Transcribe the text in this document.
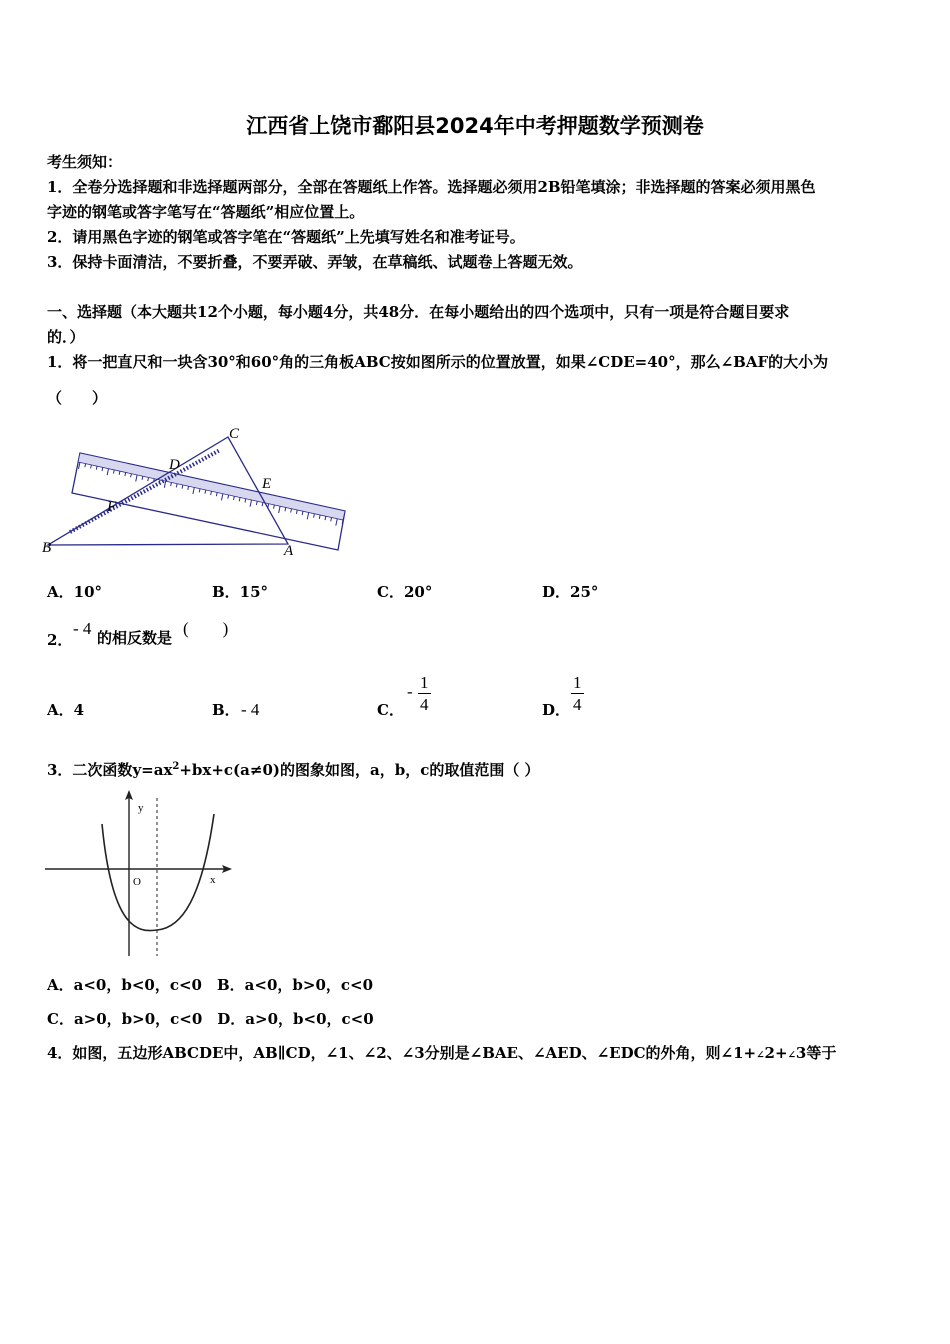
江西省上饶市鄱阳县2024年中考押题数学预测卷
考生须知：
1．全卷分选择题和非选择题两部分，全部在答题纸上作答。选择题必须用2B铅笔填涂；非选择题的答案必须用黑色
字迹的钢笔或答字笔写在“答题纸”相应位置上。
2．请用黑色字迹的钢笔或答字笔在“答题纸”上先填写姓名和准考证号。
3．保持卡面清洁，不要折叠，不要弄破、弄皱，在草稿纸、试题卷上答题无效。
一、选择题（本大题共12个小题，每小题4分，共48分．在每小题给出的四个选项中，只有一项是符合题目要求
的．）
1．将一把直尺和一块含30°和60°角的三角板ABC按如图所示的位置放置，如果∠CDE=40°，那么∠BAF的大小为
（　　）
C
D
E
F
B	A
A．10°	B．15°	C．20°	D．25°
2．
- 4 的相反数是 (　　)
A．4	B． - 4	C．
- $\frac{1}{4}$	D． $\frac{1}{4}$
3．二次函数$y=ax^2+bx+c(a\ne 0)$的图象如图，a，b，c的取值范围（ ）
y
x
O
A．a<0，b<0，c<0　B．a<0，b>0，c<0
C．a>0，b>0，c<0　D．a>0，b<0，c<0
4．如图，五边形ABCDE中，AB∥CD，∠1、∠2、∠3分别是∠BAE、∠AED、∠EDC的外角，则∠1+∠2+∠3等于
